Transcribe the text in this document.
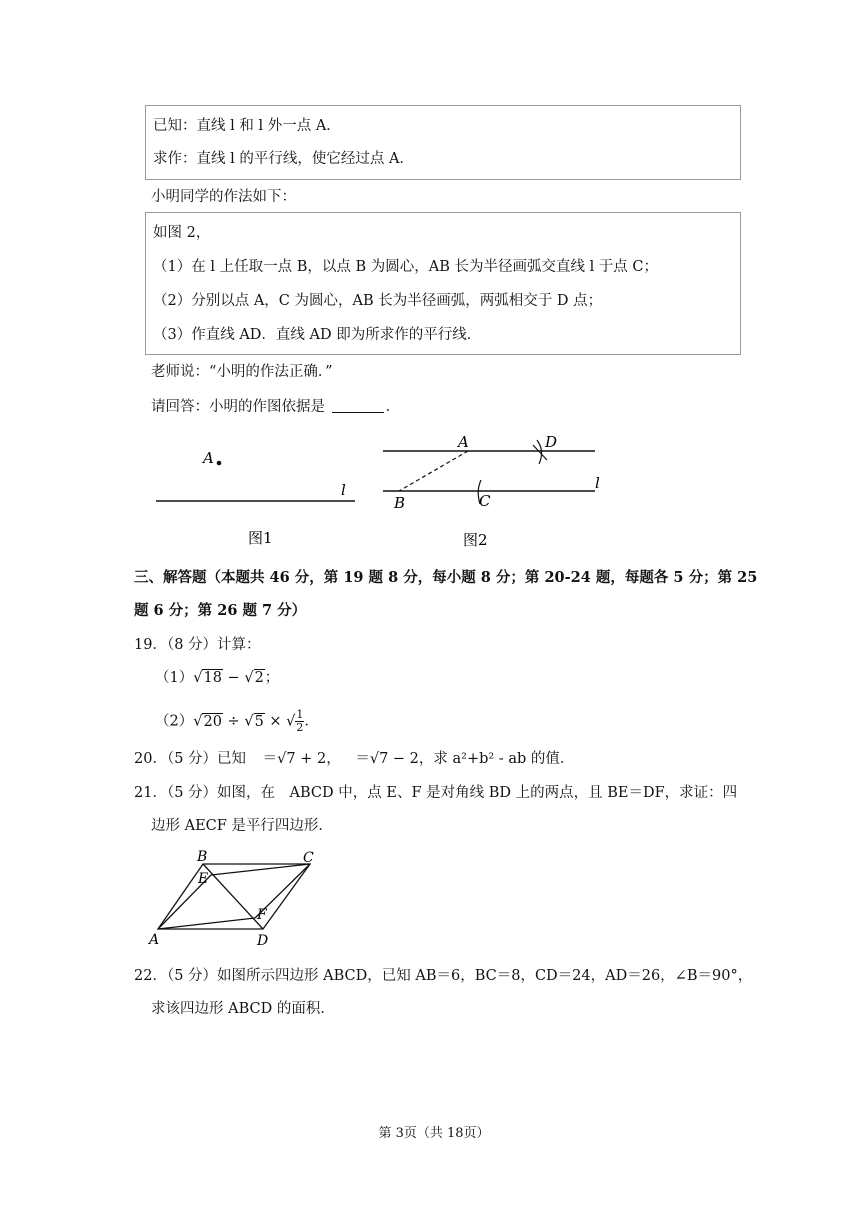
已知：直线 l 和 l 外一点 A．
求作：直线 l 的平行线，使它经过点 A．
小明同学的作法如下：
如图 2，
（1）在 l 上任取一点 B，以点 B 为圆心，AB 长为半径画弧交直线 l 于点 C；
（2）分别以点 A，C 为圆心，AB 长为半径画弧，两弧相交于 D 点；
（3）作直线 AD．直线 AD 即为所求作的平行线．
老师说：“小明的作法正确．”
请回答：小明的作图依据是	．
A
l
图1
A	D
B	C
l
图2
三、解答题（本题共 46 分，第 19 题 8 分，每小题 8 分；第 20-24 题，每题各 5 分；第 25
题 6 分；第 26 题 7 分）
19．（8 分）计算：
（1）√18 − √2；
（2）√20 ÷ √5 × √ $\frac{1}{2}$ ．
20．（5 分）已知 ＝√7 + 2， ＝√7 − 2，求 a²+b² - ab 的值．
21．（5 分）如图，在　ABCD 中，点 E、F 是对角线 BD 上的两点，且 BE＝DF，求证：四
边形 AECF 是平行四边形．
A
B	C
D
E
F
22．（5 分）如图所示四边形 ABCD，已知 AB＝6，BC＝8，CD＝24，AD＝26，∠B＝90°，
求该四边形 ABCD 的面积．
第 3页（共 18页）
